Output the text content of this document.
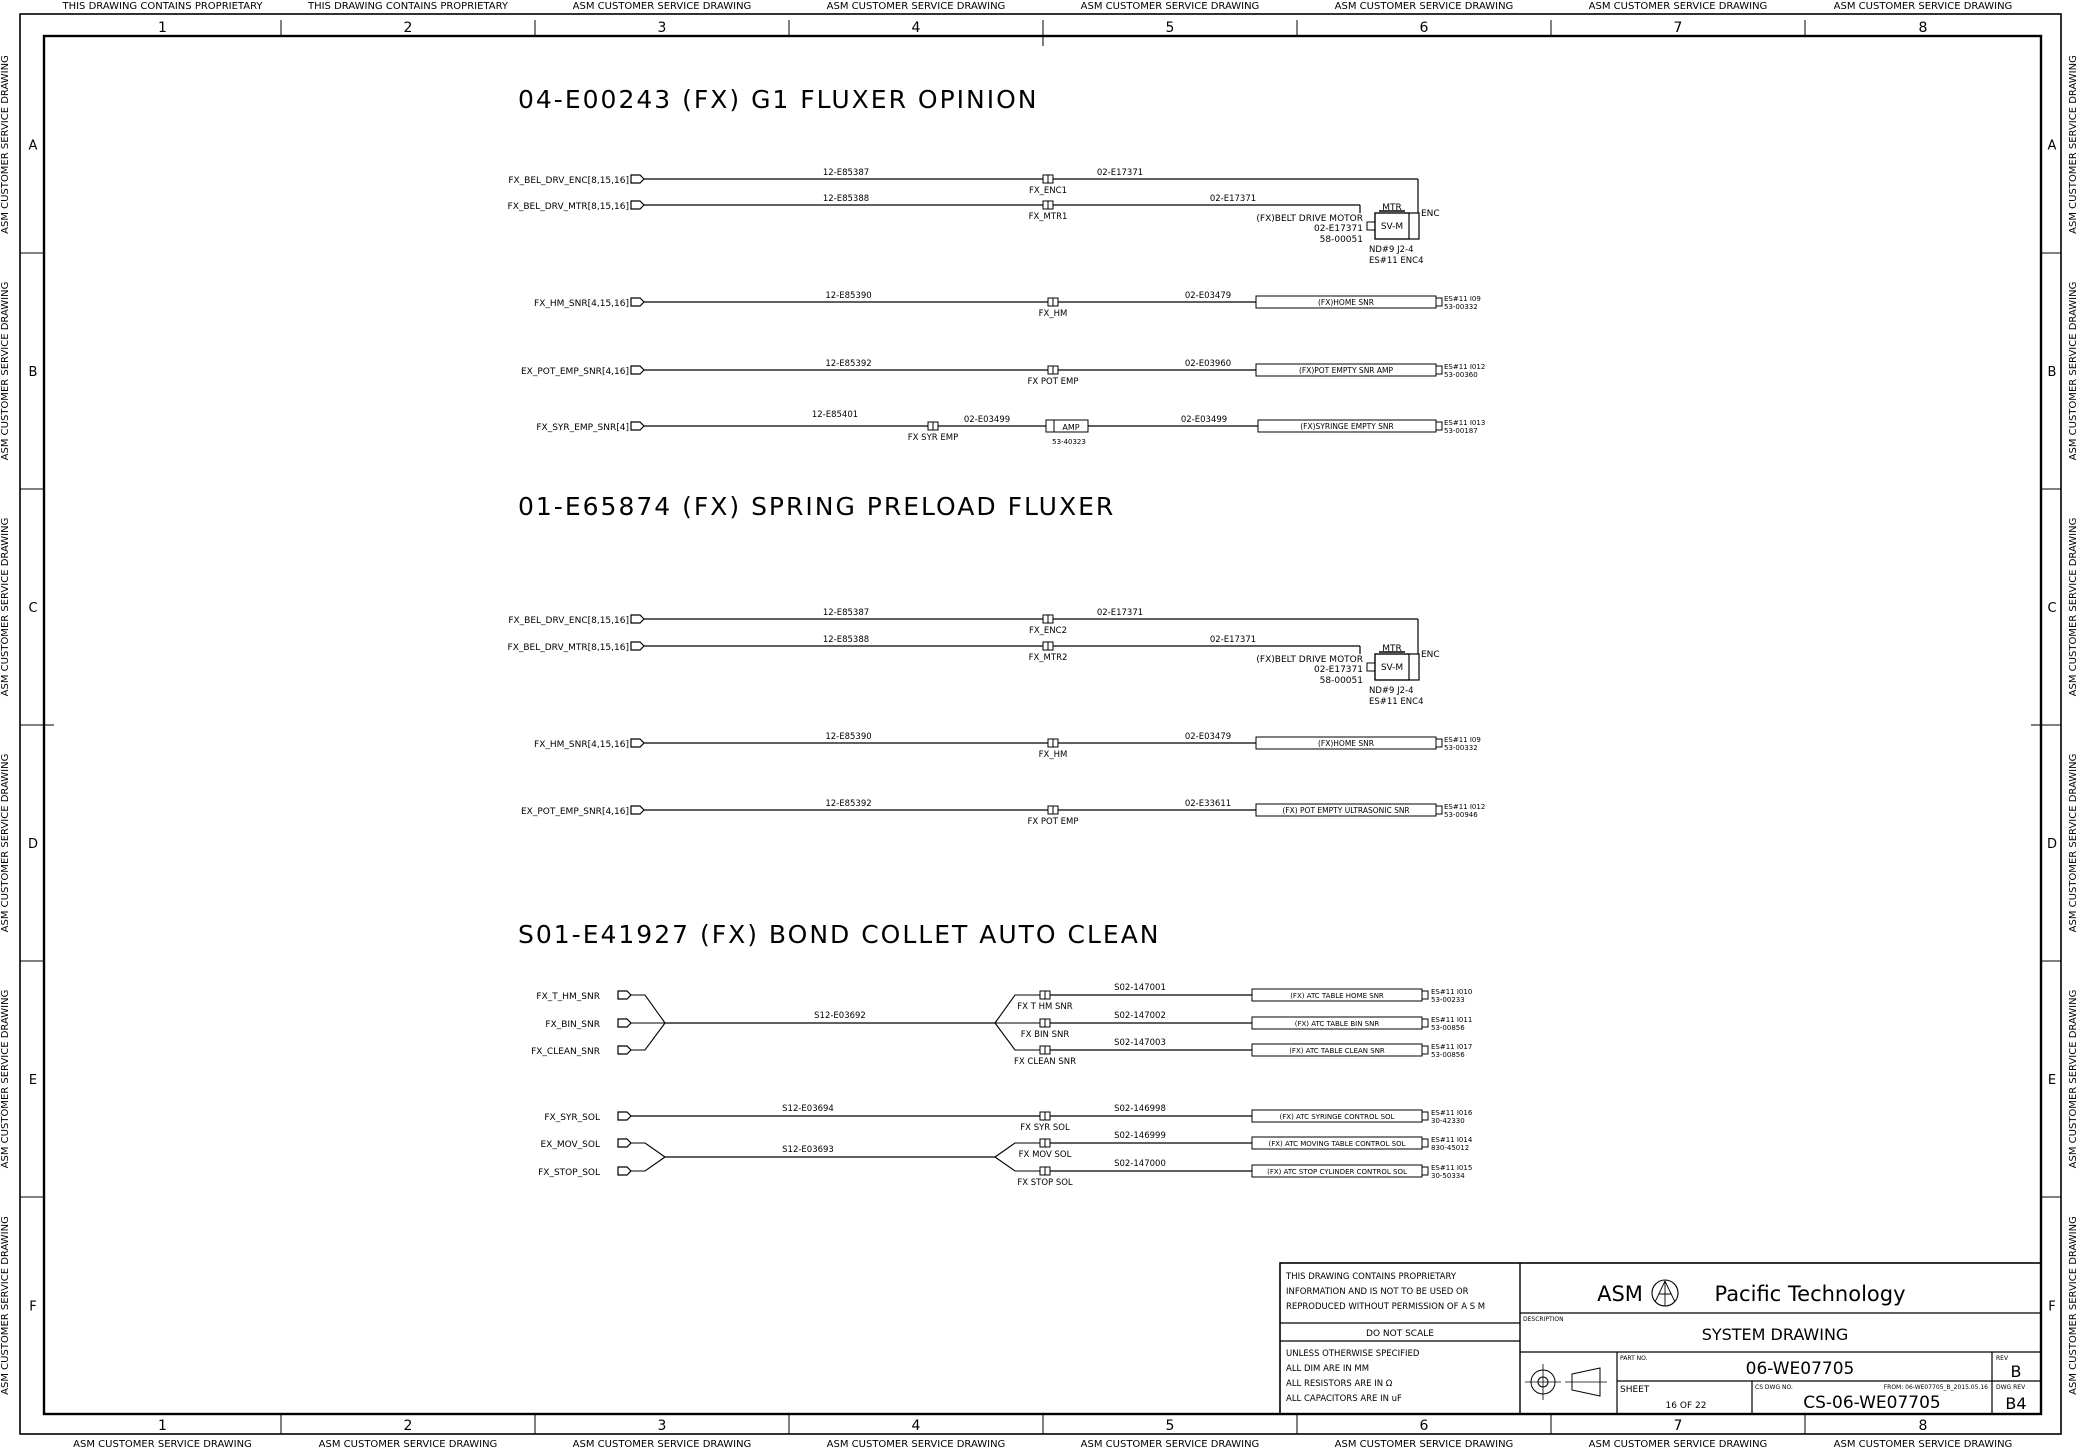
1
1
2
2
3
3
4
4
5
5
6
6
7
7
8
8
THIS DRAWING CONTAINS PROPRIETARY	THIS DRAWING CONTAINS PROPRIETARY	ASM CUSTOMER SERVICE DRAWING	ASM CUSTOMER SERVICE DRAWING	ASM CUSTOMER SERVICE DRAWING	ASM CUSTOMER SERVICE DRAWING	ASM CUSTOMER SERVICE DRAWING	ASM CUSTOMER SERVICE DRAWING
ASM CUSTOMER SERVICE DRAWING	ASM CUSTOMER SERVICE DRAWING	ASM CUSTOMER SERVICE DRAWING	ASM CUSTOMER SERVICE DRAWING	ASM CUSTOMER SERVICE DRAWING	ASM CUSTOMER SERVICE DRAWING	ASM CUSTOMER SERVICE DRAWING	ASM CUSTOMER SERVICE DRAWING
A	A
ASM CUSTOMER SERVICE DRAWING	ASM CUSTOMER SERVICE DRAWING
B	B
ASM CUSTOMER SERVICE DRAWING	ASM CUSTOMER SERVICE DRAWING
C	C
ASM CUSTOMER SERVICE DRAWING	ASM CUSTOMER SERVICE DRAWING
D	D
ASM CUSTOMER SERVICE DRAWING	ASM CUSTOMER SERVICE DRAWING
E	E
ASM CUSTOMER SERVICE DRAWING	ASM CUSTOMER SERVICE DRAWING
F	F
ASM CUSTOMER SERVICE DRAWING	ASM CUSTOMER SERVICE DRAWING
04-E00243 (FX) G1 FLUXER OPINION
FX_BEL_DRV_ENC[8,15,16]
12-E85387
FX_ENC1
02-E17371
FX_BEL_DRV_MTR[8,15,16]
12-E85388
FX_MTR1
02-E17371
FX_HM_SNR[4,15,16]
12-E85390
FX_HM
02-E03479
(FX)HOME SNR	ES#11 I09
53-00332
EX_POT_EMP_SNR[4,16]
12-E85392
FX POT EMP
02-E03960
(FX)POT EMPTY SNR AMP	ES#11 I012
53-00360
FX_SYR_EMP_SNR[4]
12-E85401
FX SYR EMP
02-E03499
AMP
53-40323
02-E03499
(FX)SYRINGE EMPTY SNR	ES#11 I013
53-00187
(FX)BELT DRIVE MOTOR
02-E17371
58-00051
MTR
SV-M
ENC
ND#9 J2-4
ES#11 ENC4
01-E65874 (FX) SPRING PRELOAD FLUXER
FX_BEL_DRV_ENC[8,15,16]
12-E85387
FX_ENC2
02-E17371
FX_BEL_DRV_MTR[8,15,16]
12-E85388
FX_MTR2
02-E17371
FX_HM_SNR[4,15,16]
12-E85390
FX_HM
02-E03479
(FX)HOME SNR	ES#11 I09
53-00332
EX_POT_EMP_SNR[4,16]
12-E85392
FX POT EMP
02-E33611
(FX) POT EMPTY ULTRASONIC SNR	ES#11 I012
53-00946
(FX)BELT DRIVE MOTOR
02-E17371
58-00051
MTR
SV-M
ENC
ND#9 J2-4
ES#11 ENC4
S01-E41927 (FX) BOND COLLET AUTO CLEAN
FX_T_HM_SNR
FX T HM SNR
S02-147001
(FX) ATC TABLE HOME SNR	ES#11 I010
53-00233
FX_BIN_SNR
FX BIN SNR
S02-147002
(FX) ATC TABLE BIN SNR	ES#11 I011
53-00856
FX_CLEAN_SNR
FX CLEAN SNR
S02-147003
(FX) ATC TABLE CLEAN SNR	ES#11 I017
53-00856
S12-E03692
FX_SYR_SOL
FX SYR SOL
S02-146998
(FX) ATC SYRINGE CONTROL SOL	ES#11 I016
30-42330
S12-E03694
EX_MOV_SOL
FX MOV SOL
S02-146999
(FX) ATC MOVING TABLE CONTROL SOL	ES#11 I014
830-45012
FX_STOP_SOL
FX STOP SOL
S02-147000
(FX) ATC STOP CYLINDER CONTROL SOL	ES#11 I015
30-50334
S12-E03693
THIS DRAWING CONTAINS PROPRIETARY
INFORMATION AND IS NOT TO BE USED OR
REPRODUCED WITHOUT PERMISSION OF A S M
DO NOT SCALE
UNLESS OTHERWISE SPECIFIED
ALL DIM ARE IN MM
ALL RESISTORS ARE IN Ω
ALL CAPACITORS ARE IN uF
ASM	Pacific Technology
DESCRIPTION
SYSTEM DRAWING
PART NO.
06-WE07705
REV
B
SHEET
16 OF 22
CS DWG NO.	FROM: 06-WE07705_B_2015.05.16
CS-06-WE07705
DWG REV
B4
